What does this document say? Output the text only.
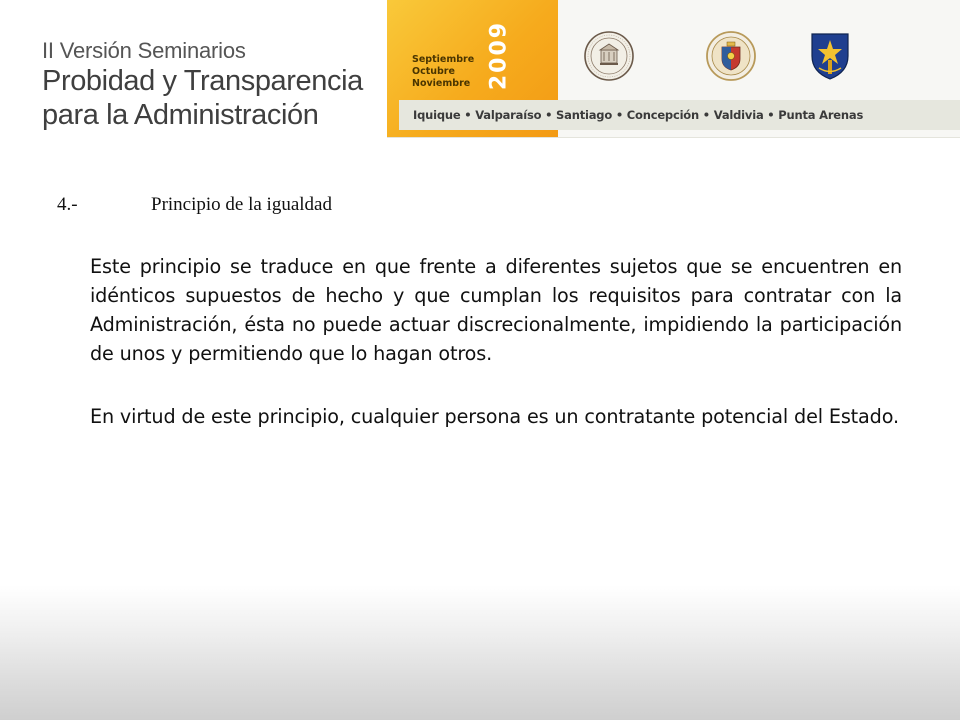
II Versión Seminarios
Probidad y Transparencia
para la Administración
Septiembre
Octubre
Noviembre 2009
Iquique • Valparaíso • Santiago • Concepción • Valdivia • Punta Arenas
4.-	Principio de la igualdad

Este principio se traduce en que frente a diferentes sujetos que se encuentren en idénticos supuestos de hecho y que cumplan los requisitos para contratar con la Administración, ésta no puede actuar discrecionalmente, impidiendo la participación de unos y permitiendo que lo hagan otros.

En virtud de este principio, cualquier persona es un contratante potencial del Estado.
